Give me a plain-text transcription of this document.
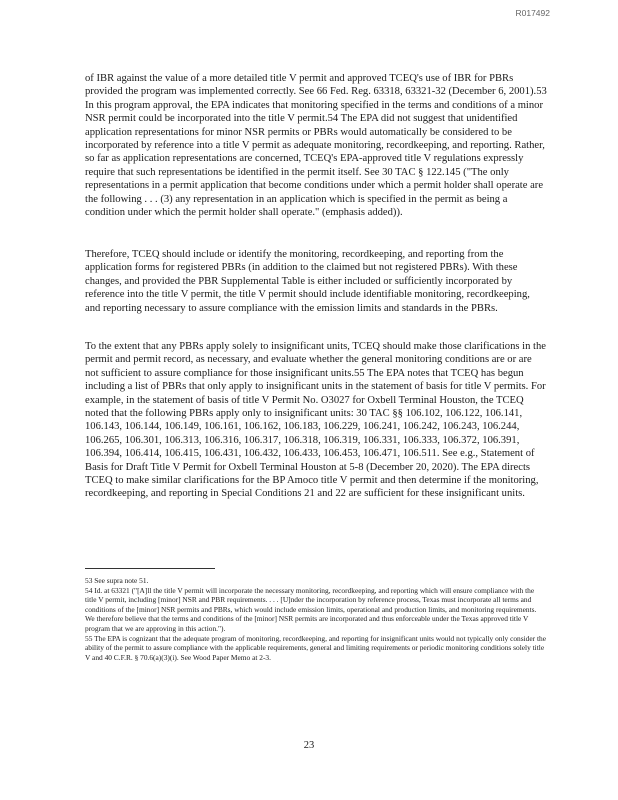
R017492

of IBR against the value of a more detailed title V permit and approved TCEQ's use of IBR for PBRs provided the program was implemented correctly. See 66 Fed. Reg. 63318, 63321-32 (December 6, 2001).53 In this program approval, the EPA indicates that monitoring specified in the terms and conditions of a minor NSR permit could be incorporated into the title V permit.54 The EPA did not suggest that unidentified application representations for minor NSR permits or PBRs would automatically be considered to be incorporated by reference into a title V permit as adequate monitoring, recordkeeping, and reporting. Rather, so far as application representations are concerned, TCEQ's EPA-approved title V regulations expressly require that such representations be identified in the permit itself. See 30 TAC § 122.145 ("The only representations in a permit application that become conditions under which a permit holder shall operate are the following . . . (3) any representation in an application which is specified in the permit as being a condition under which the permit holder shall operate." (emphasis added)).

Therefore, TCEQ should include or identify the monitoring, recordkeeping, and reporting from the application forms for registered PBRs (in addition to the claimed but not registered PBRs). With these changes, and provided the PBR Supplemental Table is either included or sufficiently incorporated by reference into the title V permit, the title V permit should include identifiable monitoring, recordkeeping, and reporting necessary to assure compliance with the emission limits and standards in the PBRs.

To the extent that any PBRs apply solely to insignificant units, TCEQ should make those clarifications in the permit and permit record, as necessary, and evaluate whether the general monitoring conditions are or are not sufficient to assure compliance for those insignificant units.55 The EPA notes that TCEQ has begun including a list of PBRs that only apply to insignificant units in the statement of basis for title V permits. For example, in the statement of basis of title V Permit No. O3027 for Oxbell Terminal Houston, the TCEQ noted that the following PBRs apply only to insignificant units: 30 TAC §§ 106.102, 106.122, 106.141, 106.143, 106.144, 106.149, 106.161, 106.162, 106.183, 106.229, 106.241, 106.242, 106.243, 106.244, 106.265, 106.301, 106.313, 106.316, 106.317, 106.318, 106.319, 106.331, 106.333, 106.372, 106.391, 106.394, 106.414, 106.415, 106.431, 106.432, 106.433, 106.453, 106.471, 106.511. See e.g., Statement of Basis for Draft Title V Permit for Oxbell Terminal Houston at 5-8 (December 20, 2020). The EPA directs TCEQ to make similar clarifications for the BP Amoco title V permit and then determine if the monitoring, recordkeeping, and reporting in Special Conditions 21 and 22 are sufficient for these insignificant units.

53 See supra note 51.

54 Id. at 63321 ("[A]ll the title V permit will incorporate the necessary monitoring, recordkeeping, and reporting which will ensure compliance with the title V permit, including [minor] NSR and PBR requirements. . . . [U]nder the incorporation by reference process, Texas must incorporate all terms and conditions of the [minor] NSR permits and PBRs, which would include emission limits, operational and production limits, and monitoring requirements. We therefore believe that the terms and conditions of the [minor] NSR permits are incorporated and thus enforceable under the Texas approved title V program that we are approving in this action.").

55 The EPA is cognizant that the adequate program of monitoring, recordkeeping, and reporting for insignificant units would not typically only consider the ability of the permit to assure compliance with the applicable requirements, general and limiting requirements or periodic monitoring conditions solely title V and 40 C.F.R. § 70.6(a)(3)(i). See Wood Paper Memo at 2-3.

23
